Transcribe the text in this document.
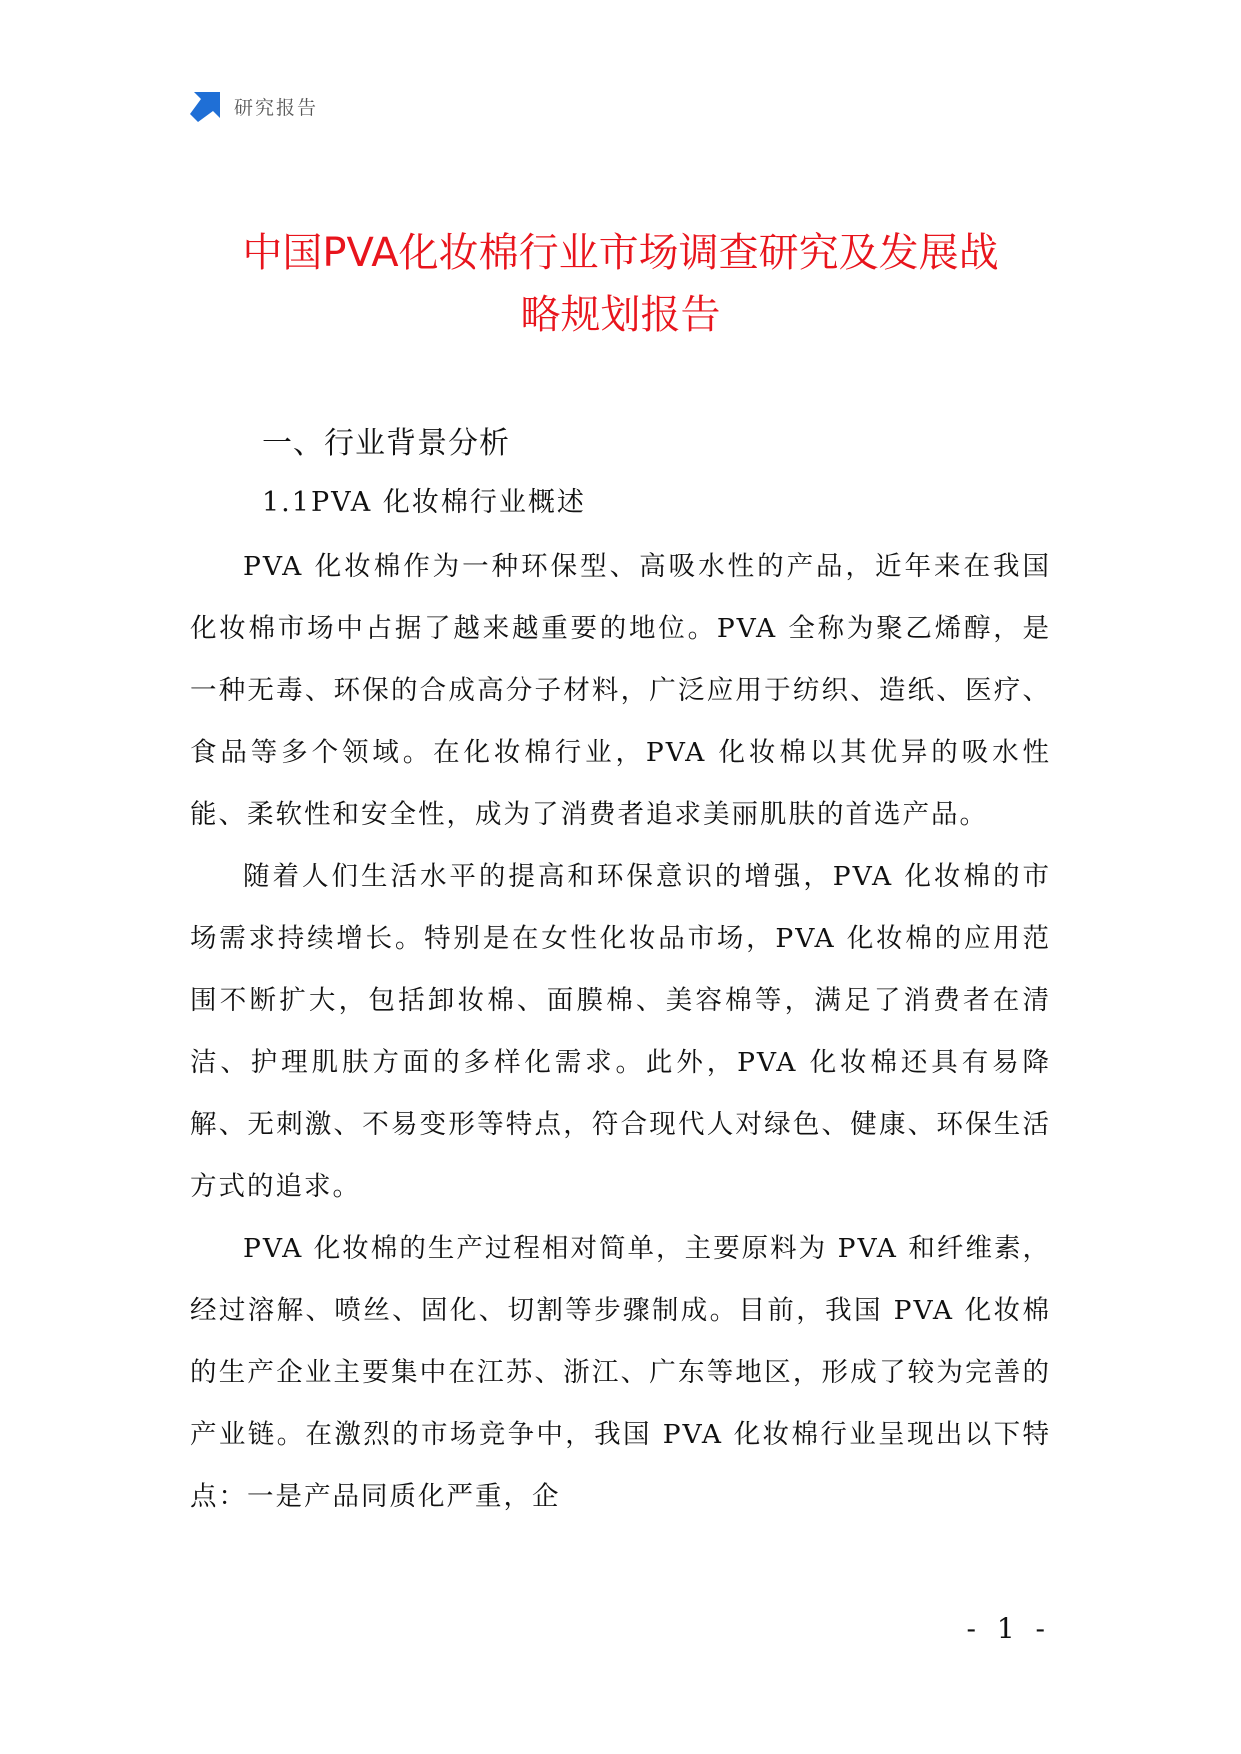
研究报告
中国PVA化妆棉行业市场调查研究及发展战
略规划报告
一、行业背景分析
1.1PVA 化妆棉行业概述

PVA 化妆棉作为一种环保型、高吸水性的产品，近年来在我国化妆棉市场中占据了越来越重要的地位。PVA 全称为聚乙烯醇，是一种无毒、环保的合成高分子材料，广泛应用于纺织、造纸、医疗、食品等多个领域。在化妆棉行业，PVA 化妆棉以其优异的吸水性能、柔软性和安全性，成为了消费者追求美丽肌肤的首选产品。

随着人们生活水平的提高和环保意识的增强，PVA 化妆棉的市场需求持续增长。特别是在女性化妆品市场，PVA 化妆棉的应用范围不断扩大，包括卸妆棉、面膜棉、美容棉等，满足了消费者在清洁、护理肌肤方面的多样化需求。此外，PVA 化妆棉还具有易降解、无刺激、不易变形等特点，符合现代人对绿色、健康、环保生活方式的追求。

PVA 化妆棉的生产过程相对简单，主要原料为 PVA 和纤维素，经过溶解、喷丝、固化、切割等步骤制成。目前，我国 PVA 化妆棉的生产企业主要集中在江苏、浙江、广东等地区，形成了较为完善的产业链。在激烈的市场竞争中，我国 PVA 化妆棉行业呈现出以下特点：一是产品同质化严重，企

- 1 -
